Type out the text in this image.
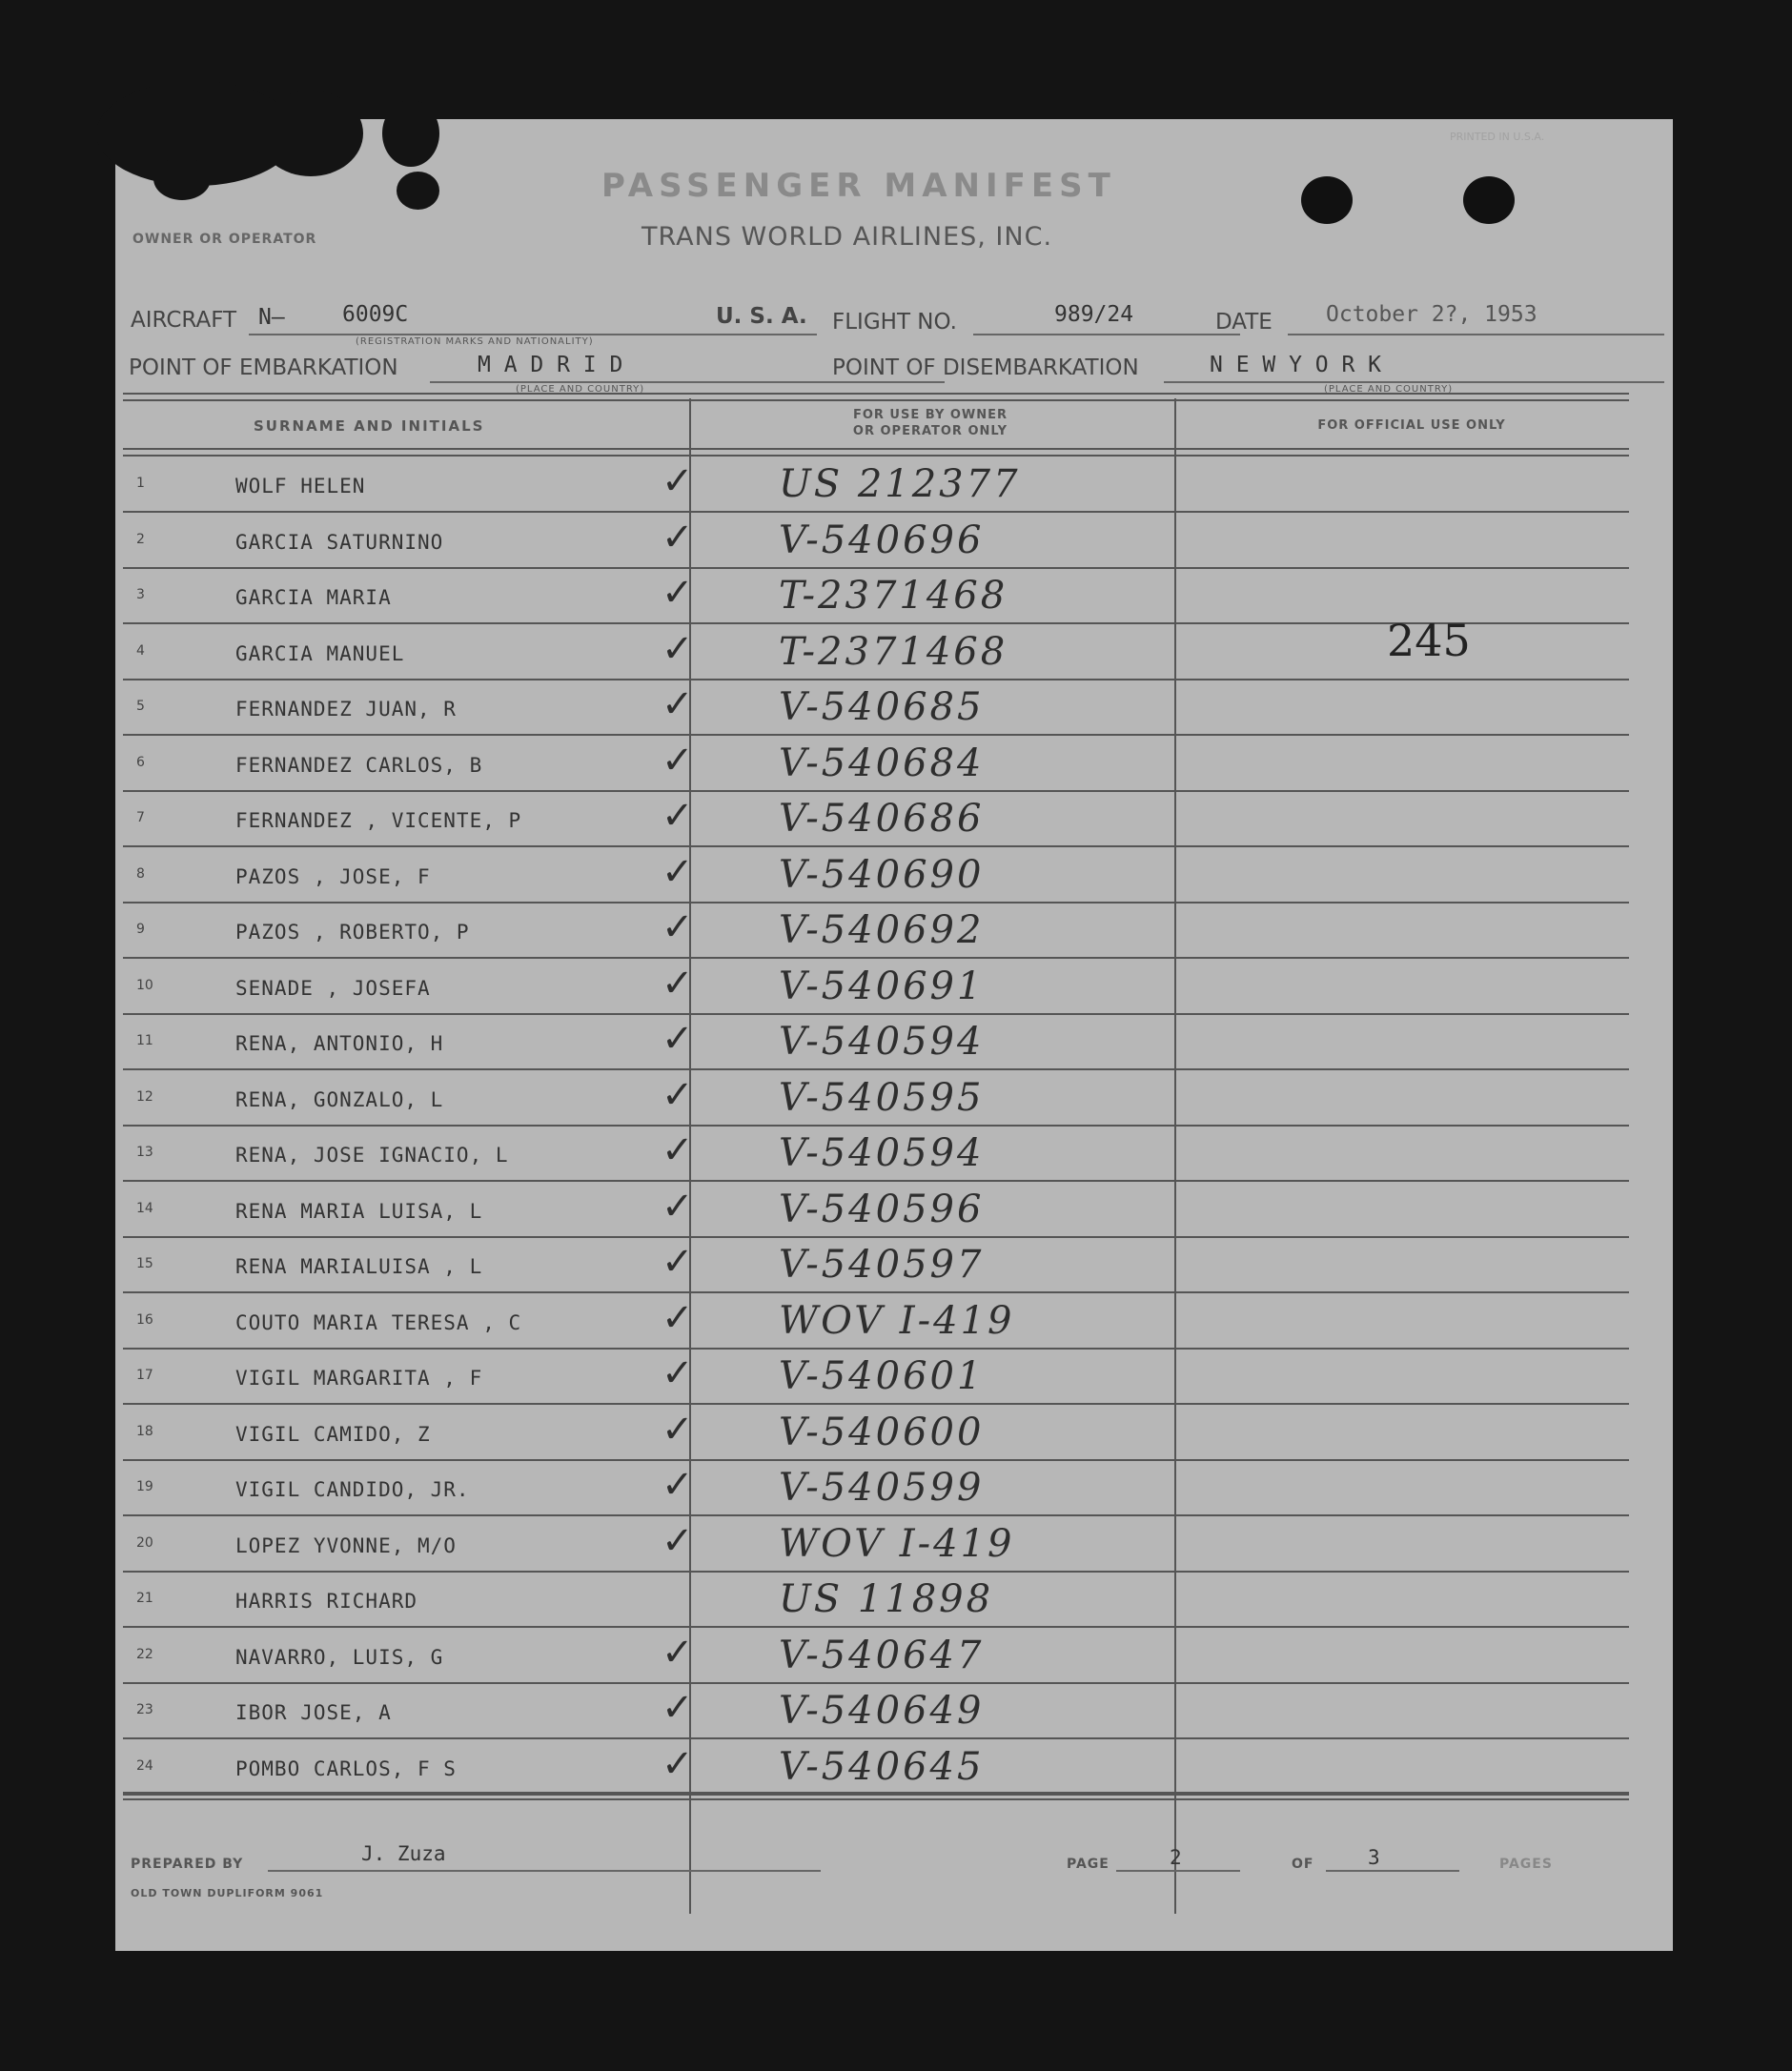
PRINTED IN U.S.A.
PASSENGER MANIFEST
TRANS WORLD AIRLINES, INC.
OWNER OR OPERATOR
AIRCRAFT N—	6009C
(REGISTRATION MARKS AND NATIONALITY)
U. S. A. FLIGHT NO.	989/24	DATE October 2?, 1953
POINT OF EMBARKATION	M A D R I D
(PLACE AND COUNTRY)
POINT OF DISEMBARKATION	N E W Y O R K
(PLACE AND COUNTRY)
SURNAME AND INITIALS
FOR USE BY OWNER
OR OPERATOR ONLY	FOR OFFICIAL USE ONLY
1	WOLF HELEN	✓ US 212377
2	GARCIA SATURNINO	✓ V-540696
3	GARCIA MARIA	✓ T-2371468
4	GARCIA MANUEL	✓ T-2371468
5	FERNANDEZ JUAN, R	✓ V-540685
6	FERNANDEZ CARLOS, B	✓ V-540684
7	FERNANDEZ , VICENTE, P	✓ V-540686
8	PAZOS , JOSE, F	✓ V-540690
9	PAZOS , ROBERTO, P	✓ V-540692
10	SENADE , JOSEFA	✓ V-540691
11	RENA, ANTONIO, H	✓ V-540594
12	RENA, GONZALO, L	✓ V-540595
13	RENA, JOSE IGNACIO, L	✓ V-540594
14	RENA MARIA LUISA, L	✓ V-540596
15	RENA MARIALUISA , L	✓ V-540597
16	COUTO MARIA TERESA , C	✓ WOV I-419
17	VIGIL MARGARITA , F	✓ V-540601
18	VIGIL CAMIDO, Z	✓ V-540600
19	VIGIL CANDIDO, JR.	✓ V-540599
20	LOPEZ YVONNE, M/O	✓ WOV I-419
21	HARRIS RICHARD	US 11898
22	NAVARRO, LUIS, G	✓ V-540647
23	IBOR JOSE, A	✓ V-540649
24	POMBO CARLOS, F S	✓ V-540645
245
PREPARED BY	J. Zuza	PAGE	2	OF	3	PAGES
OLD TOWN DUPLIFORM 9061
